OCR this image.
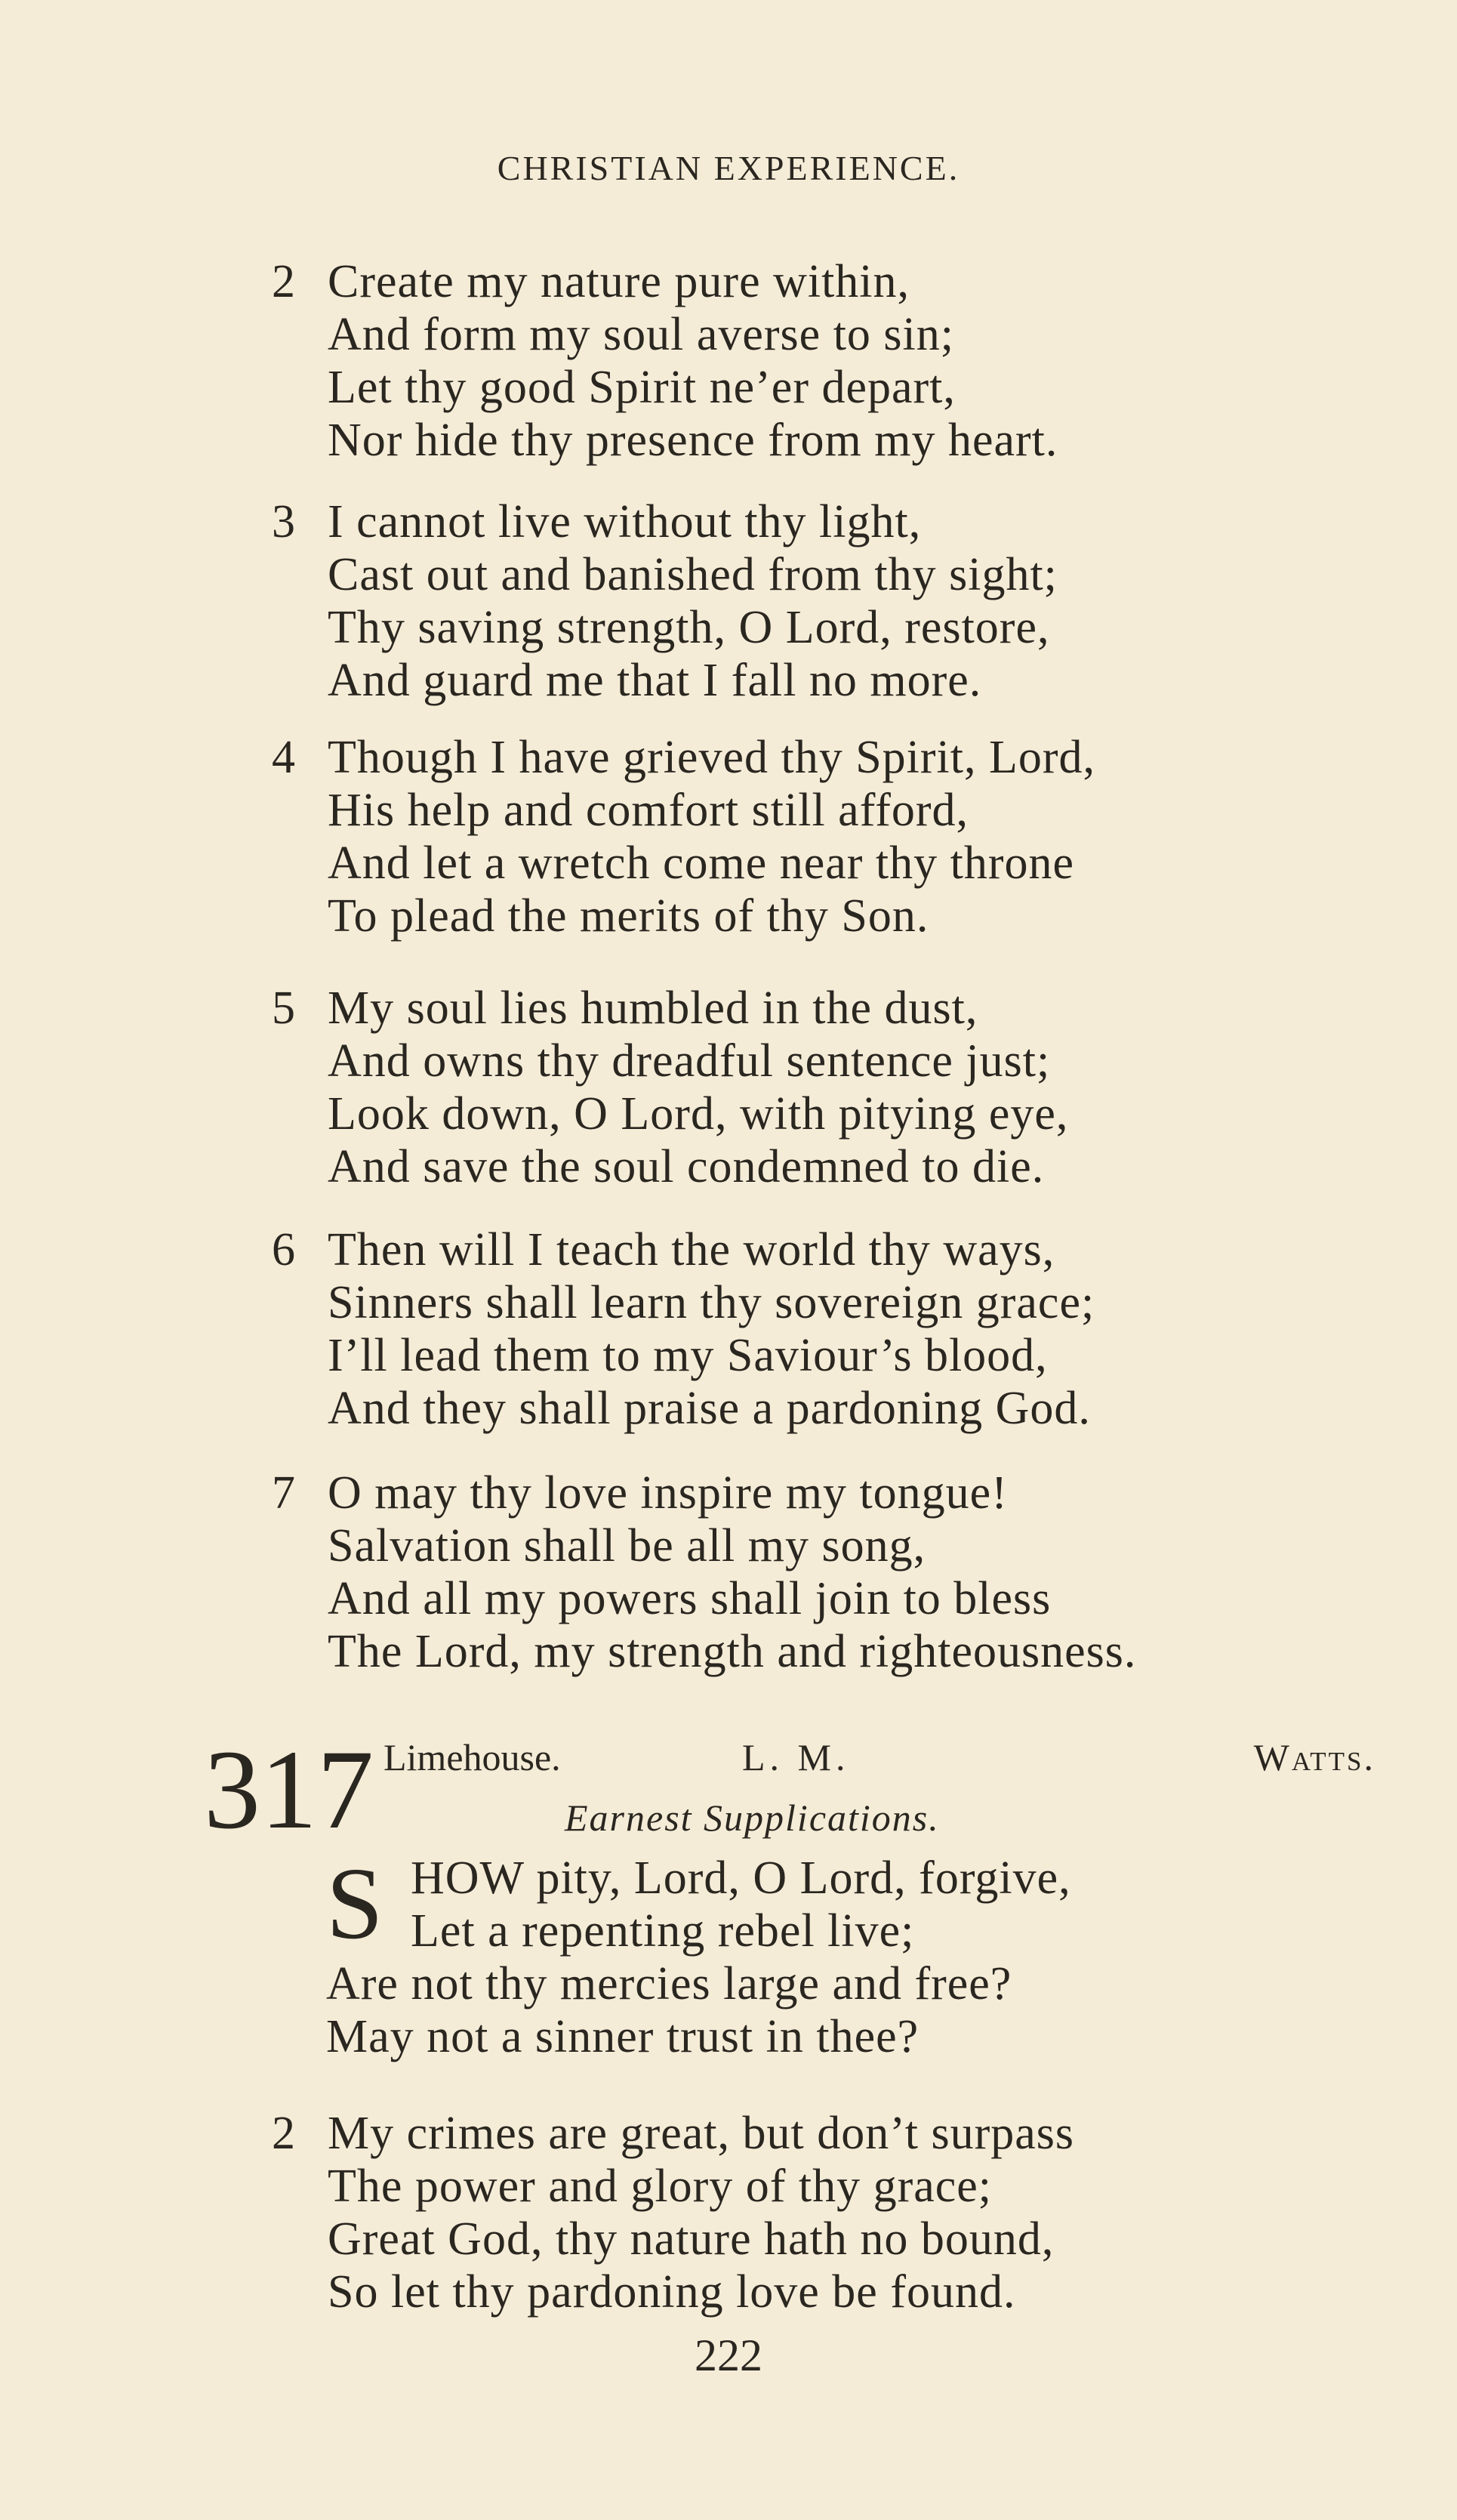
CHRISTIAN EXPERIENCE.
2 Create my nature pure within,
And form my soul averse to sin;
Let thy good Spirit ne’er depart,
Nor hide thy presence from my heart.
3 I cannot live without thy light,
Cast out and banished from thy sight;
Thy saving strength, O Lord, restore,
And guard me that I fall no more.
4 Though I have grieved thy Spirit, Lord,
His help and comfort still afford,
And let a wretch come near thy throne
To plead the merits of thy Son.
5 My soul lies humbled in the dust,
And owns thy dreadful sentence just;
Look down, O Lord, with pitying eye,
And save the soul condemned to die.
6 Then will I teach the world thy ways,
Sinners shall learn thy sovereign grace;
I’ll lead them to my Saviour’s blood,
And they shall praise a pardoning God.
7 O may thy love inspire my tongue!
Salvation shall be all my song,
And all my powers shall join to bless
The Lord, my strength and righteousness.
317 Limehouse.	L. M.	Watts.
Earnest Supplications.
S HOW pity, Lord, O Lord, forgive,
Let a repenting rebel live;
Are not thy mercies large and free?
May not a sinner trust in thee?
2 My crimes are great, but don’t surpass
The power and glory of thy grace;
Great God, thy nature hath no bound,
So let thy pardoning love be found.
222
